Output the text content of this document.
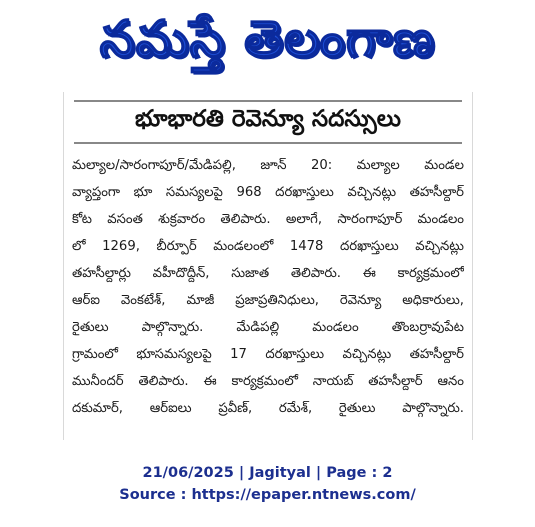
నమస్తే తెలంగాణ
భూభారతి రెవెన్యూ సదస్సులు
మల్యాల/సారంగాపూర్/మేడిపల్లి, జూన్ 20: మల్యాల మండల
వ్యాప్తంగా భూ సమస్యలపై 968 దరఖాస్తులు వచ్చినట్లు తహసీల్దార్
కోట వసంత శుక్రవారం తెలిపారు. అలాగే, సారంగాపూర్ మండలం
లో 1269, బీర్పూర్ మండలంలో 1478 దరఖాస్తులు వచ్చినట్లు
తహసీల్దార్లు వహీదొద్దీన్, సుజాత తెలిపారు. ఈ కార్యక్రమంలో
ఆర్ఐ వెంకటేశ్, మాజీ ప్రజాప్రతినిధులు, రెవెన్యూ అధికారులు,
రైతులు పాల్గొన్నారు. మేడిపల్లి మండలం తొంబర్రావుపేట
గ్రామంలో భూసమస్యలపై 17 దరఖాస్తులు వచ్చినట్లు తహసీల్దార్
మునీందర్ తెలిపారు. ఈ కార్యక్రమంలో నాయబ్ తహసీల్దార్ ఆనం
దకుమార్, ఆర్ఐలు ప్రవీణ్, రమేశ్, రైతులు పాల్గొన్నారు.
21/06/2025 | Jagityal | Page : 2
Source : https://epaper.ntnews.com/
